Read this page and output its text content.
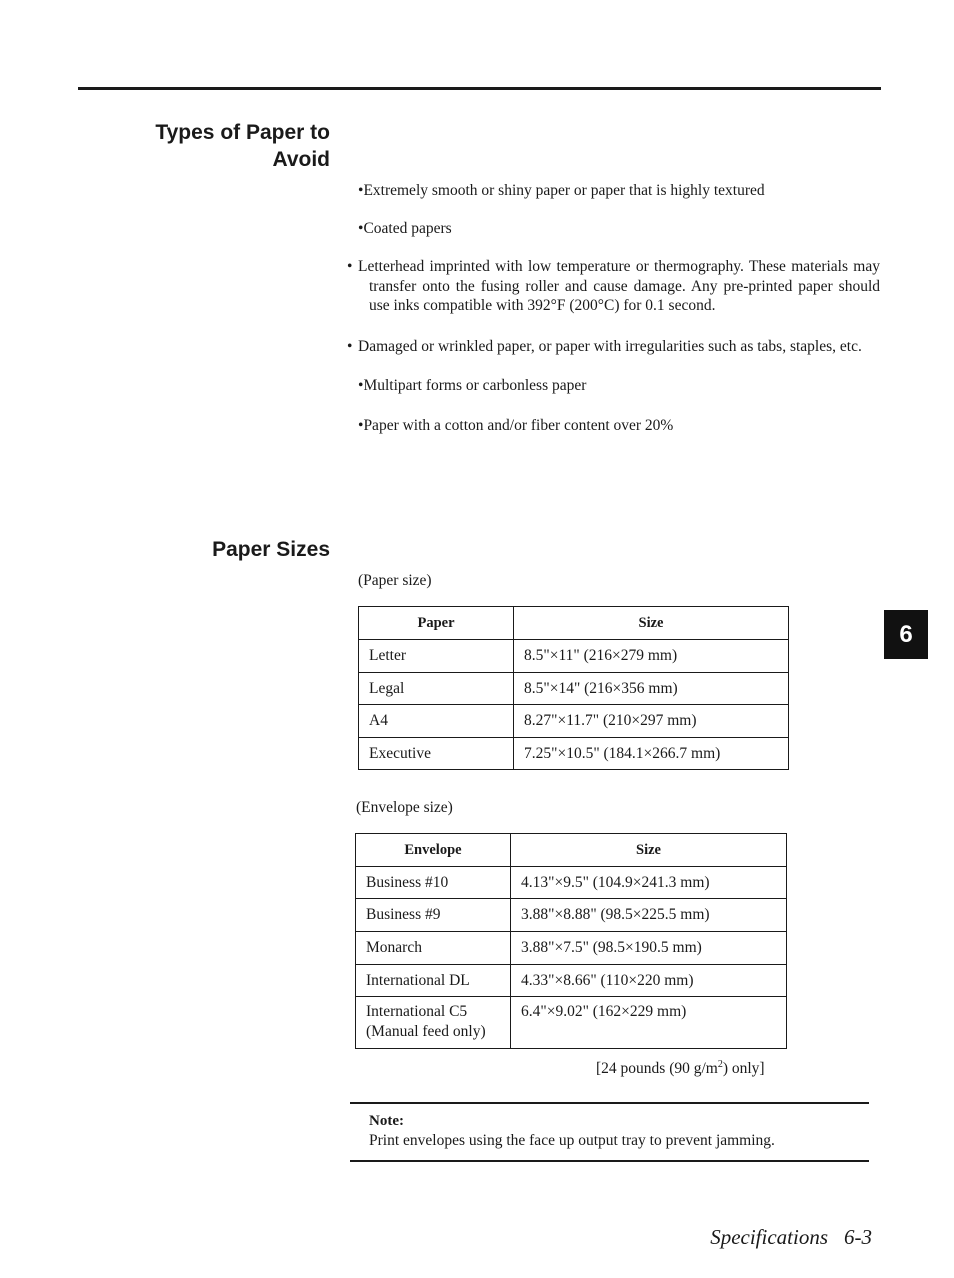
Types of Paper to
Avoid
•Extremely smooth or shiny paper or paper that is highly textured
•Coated papers
• Letterhead imprinted with low temperature or thermography. These materials may transfer onto the fusing roller and cause damage. Any pre-printed paper should use inks compatible with 392°F (200°C) for 0.1 second.
• Damaged or wrinkled paper, or paper with irregularities such as tabs, staples, etc.
•Multipart forms or carbonless paper
•Paper with a cotton and/or fiber content over 20%
Paper Sizes

(Paper size)

Paper	Size
Letter	8.5"×11" (216×279 mm)
Legal	8.5"×14" (216×356 mm)
A4	8.27"×11.7" (210×297 mm)
Executive	7.25"×10.5" (184.1×266.7 mm)

(Envelope size)

Envelope	Size
Business #10	4.13"×9.5" (104.9×241.3 mm)
Business #9	3.88"×8.88" (98.5×225.5 mm)
Monarch	3.88"×7.5" (98.5×190.5 mm)
International DL	4.33"×8.66" (110×220 mm)
International C5
(Manual feed only)	6.4"×9.02" (162×229 mm)

[24 pounds (90 $g/m^2$) only]

Note:

Print envelopes using the face up output tray to prevent jamming.

6

Specifications 6-3
